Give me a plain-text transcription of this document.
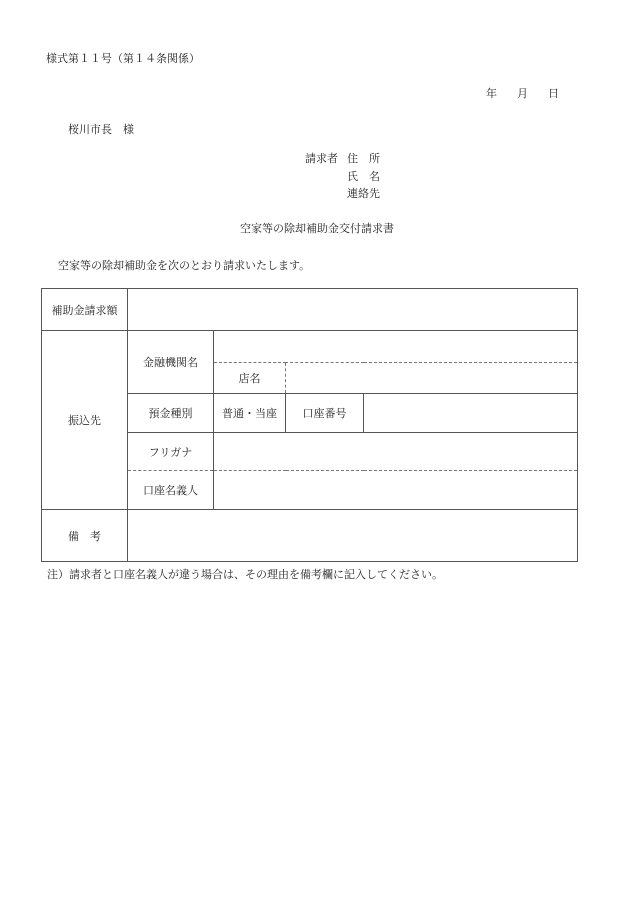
様式第１１号（第１４条関係）
年 月 日
桜川市長　様
請求者 住　所
氏　名
連絡先
空家等の除却補助金交付請求書
空家等の除却補助金を次のとおり請求いたします。
補助金請求額				
振込先	金融機関名			
		店名		
	預金種別	普通・当座	口座番号	
	フリガナ			
	口座名義人			
備　考				
注）請求者と口座名義人が違う場合は、その理由を備考欄に記入してください。
